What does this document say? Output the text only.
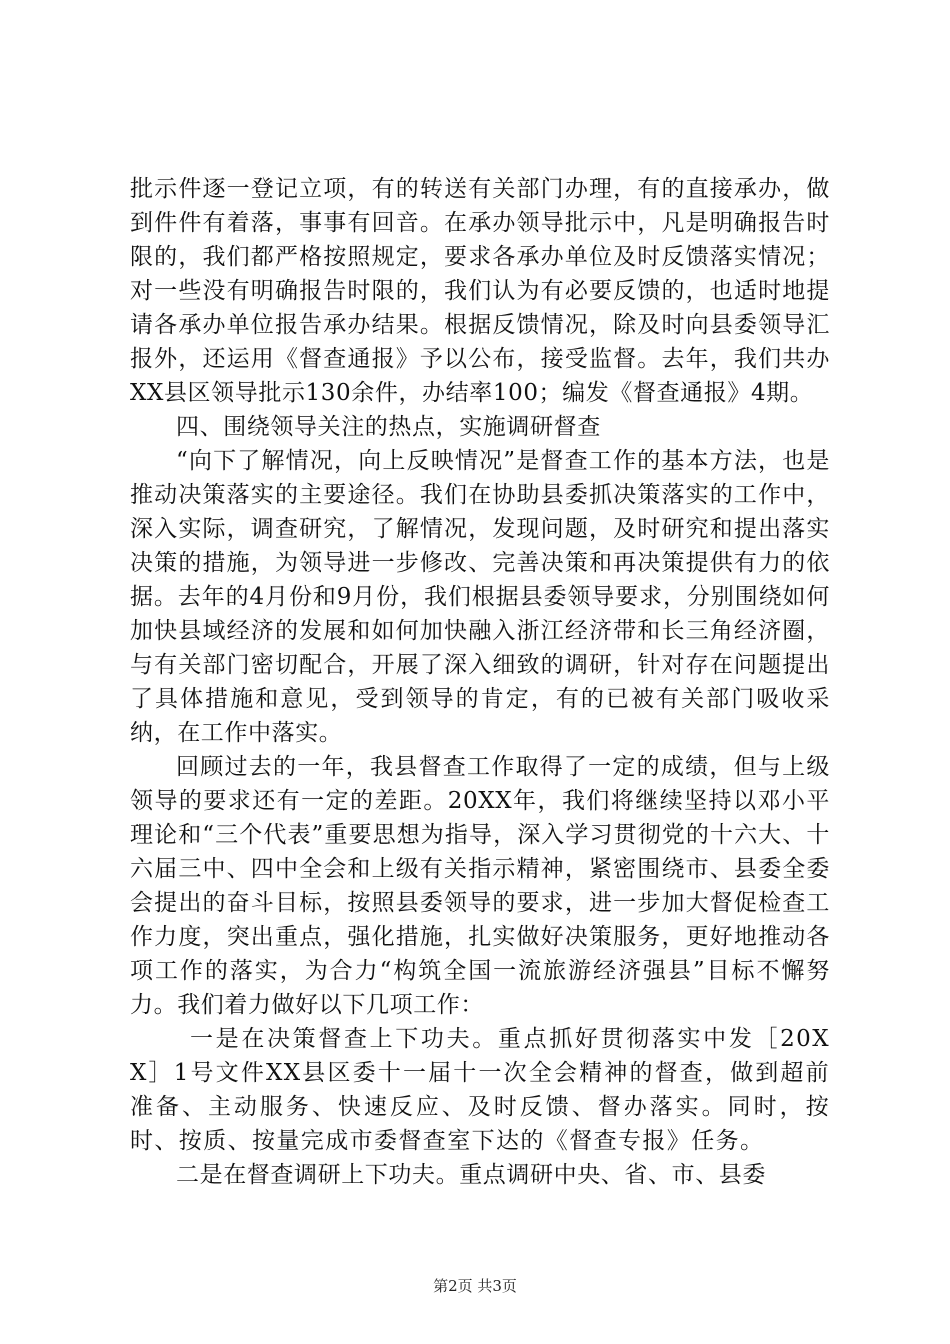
批示件逐一登记立项，有的转送有关部门办理，有的直接承办，做到件件有着落，事事有回音。在承办领导批示中，凡是明确报告时限的，我们都严格按照规定，要求各承办单位及时反馈落实情况；对一些没有明确报告时限的，我们认为有必要反馈的，也适时地提请各承办单位报告承办结果。根据反馈情况，除及时向县委领导汇报外，还运用《督查通报》予以公布，接受监督。去年，我们共办XX县区领导批示130余件，办结率100；编发《督查通报》4期。

四、围绕领导关注的热点，实施调研督查

“向下了解情况，向上反映情况”是督查工作的基本方法，也是推动决策落实的主要途径。我们在协助县委抓决策落实的工作中，深入实际，调查研究，了解情况，发现问题，及时研究和提出落实决策的措施，为领导进一步修改、完善决策和再决策提供有力的依据。去年的4月份和9月份，我们根据县委领导要求，分别围绕如何加快县域经济的发展和如何加快融入浙江经济带和长三角经济圈，与有关部门密切配合，开展了深入细致的调研，针对存在问题提出了具体措施和意见，受到领导的肯定，有的已被有关部门吸收采纳，在工作中落实。

回顾过去的一年，我县督查工作取得了一定的成绩，但与上级领导的要求还有一定的差距。20XX年，我们将继续坚持以邓小平理论和“三个代表”重要思想为指导，深入学习贯彻党的十六大、十六届三中、四中全会和上级有关指示精神，紧密围绕市、县委全委会提出的奋斗目标，按照县委领导的要求，进一步加大督促检查工作力度，突出重点，强化措施，扎实做好决策服务，更好地推动各项工作的落实，为合力“构筑全国一流旅游经济强县”目标不懈努力。我们着力做好以下几项工作：

一是在决策督查上下功夫。重点抓好贯彻落实中发［20XX］1号文件XX县区委十一届十一次全会精神的督查，做到超前准备、主动服务、快速反应、及时反馈、督办落实。同时，按时、按质、按量完成市委督查室下达的《督查专报》任务。

二是在督查调研上下功夫。重点调研中央、省、市、县委

第2页 共3页
